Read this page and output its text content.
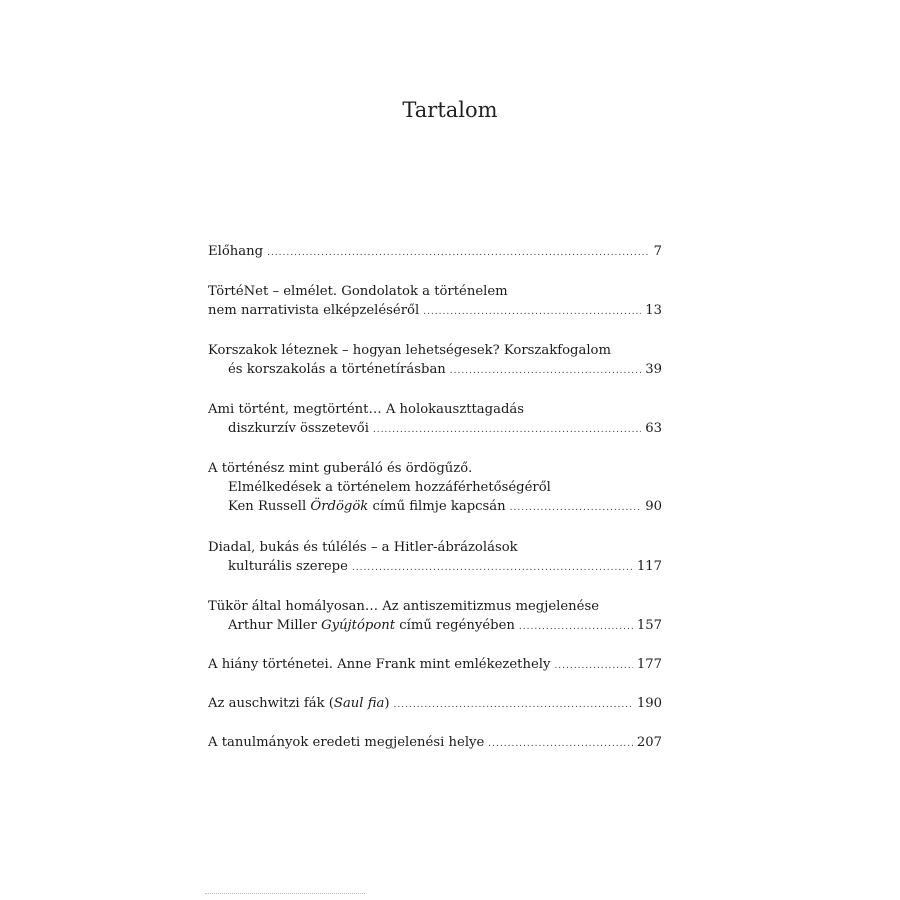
Tartalom
Előhang .....	7
TörtéNet – elmélet. Gondolatok a történelem
nem narrativista elképzeléséről .....	13
Korszakok léteznek – hogyan lehetségesek? Korszakfogalom
és korszakolás a történetírásban .....	39
Ami történt, megtörtént… A holokauszttagadás
diszkurzív összetevői .....	63
A történész mint guberáló és ördögűző.
Elmélkedések a történelem hozzáférhetőségéről
Ken Russell Ördögök című filmje kapcsán .....	90
Diadal, bukás és túlélés – a Hitler-ábrázolások
kulturális szerepe .....	117
Tükör által homályosan… Az antiszemitizmus megjelenése
Arthur Miller Gyújtópont című regényében .....	157
A hiány történetei. Anne Frank mint emlékezethely .....	177
Az auschwitzi fák (Saul fia) .....	190
A tanulmányok eredeti megjelenési helye .....	207
